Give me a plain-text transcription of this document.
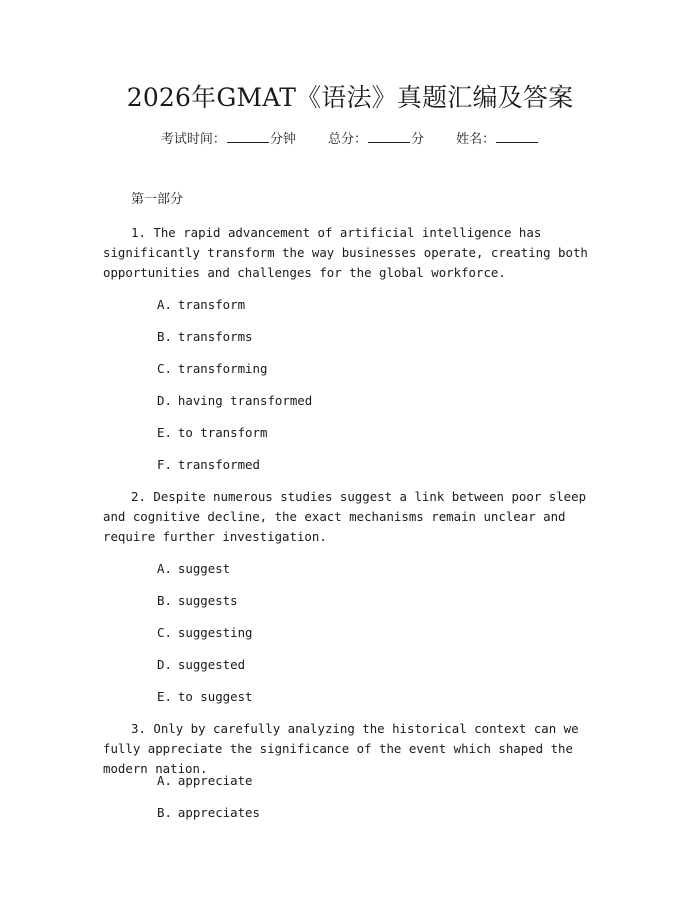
2026年GMAT《语法》真题汇编及答案
考试时间：	分钟 总分：	分 姓名：
第一部分
1. The rapid advancement of artificial intelligence has significantly transform the way businesses operate, creating both opportunities and challenges for the global workforce.
A. transform
B. transforms
C. transforming
D. having transformed
E. to transform
F. transformed
2. Despite numerous studies suggest a link between poor sleep and cognitive decline, the exact mechanisms remain unclear and require further investigation.
A. suggest
B. suggests
C. suggesting
D. suggested
E. to suggest
3. Only by carefully analyzing the historical context can we fully appreciate the significance of the event which shaped the modern nation.
A. appreciate
B. appreciates
